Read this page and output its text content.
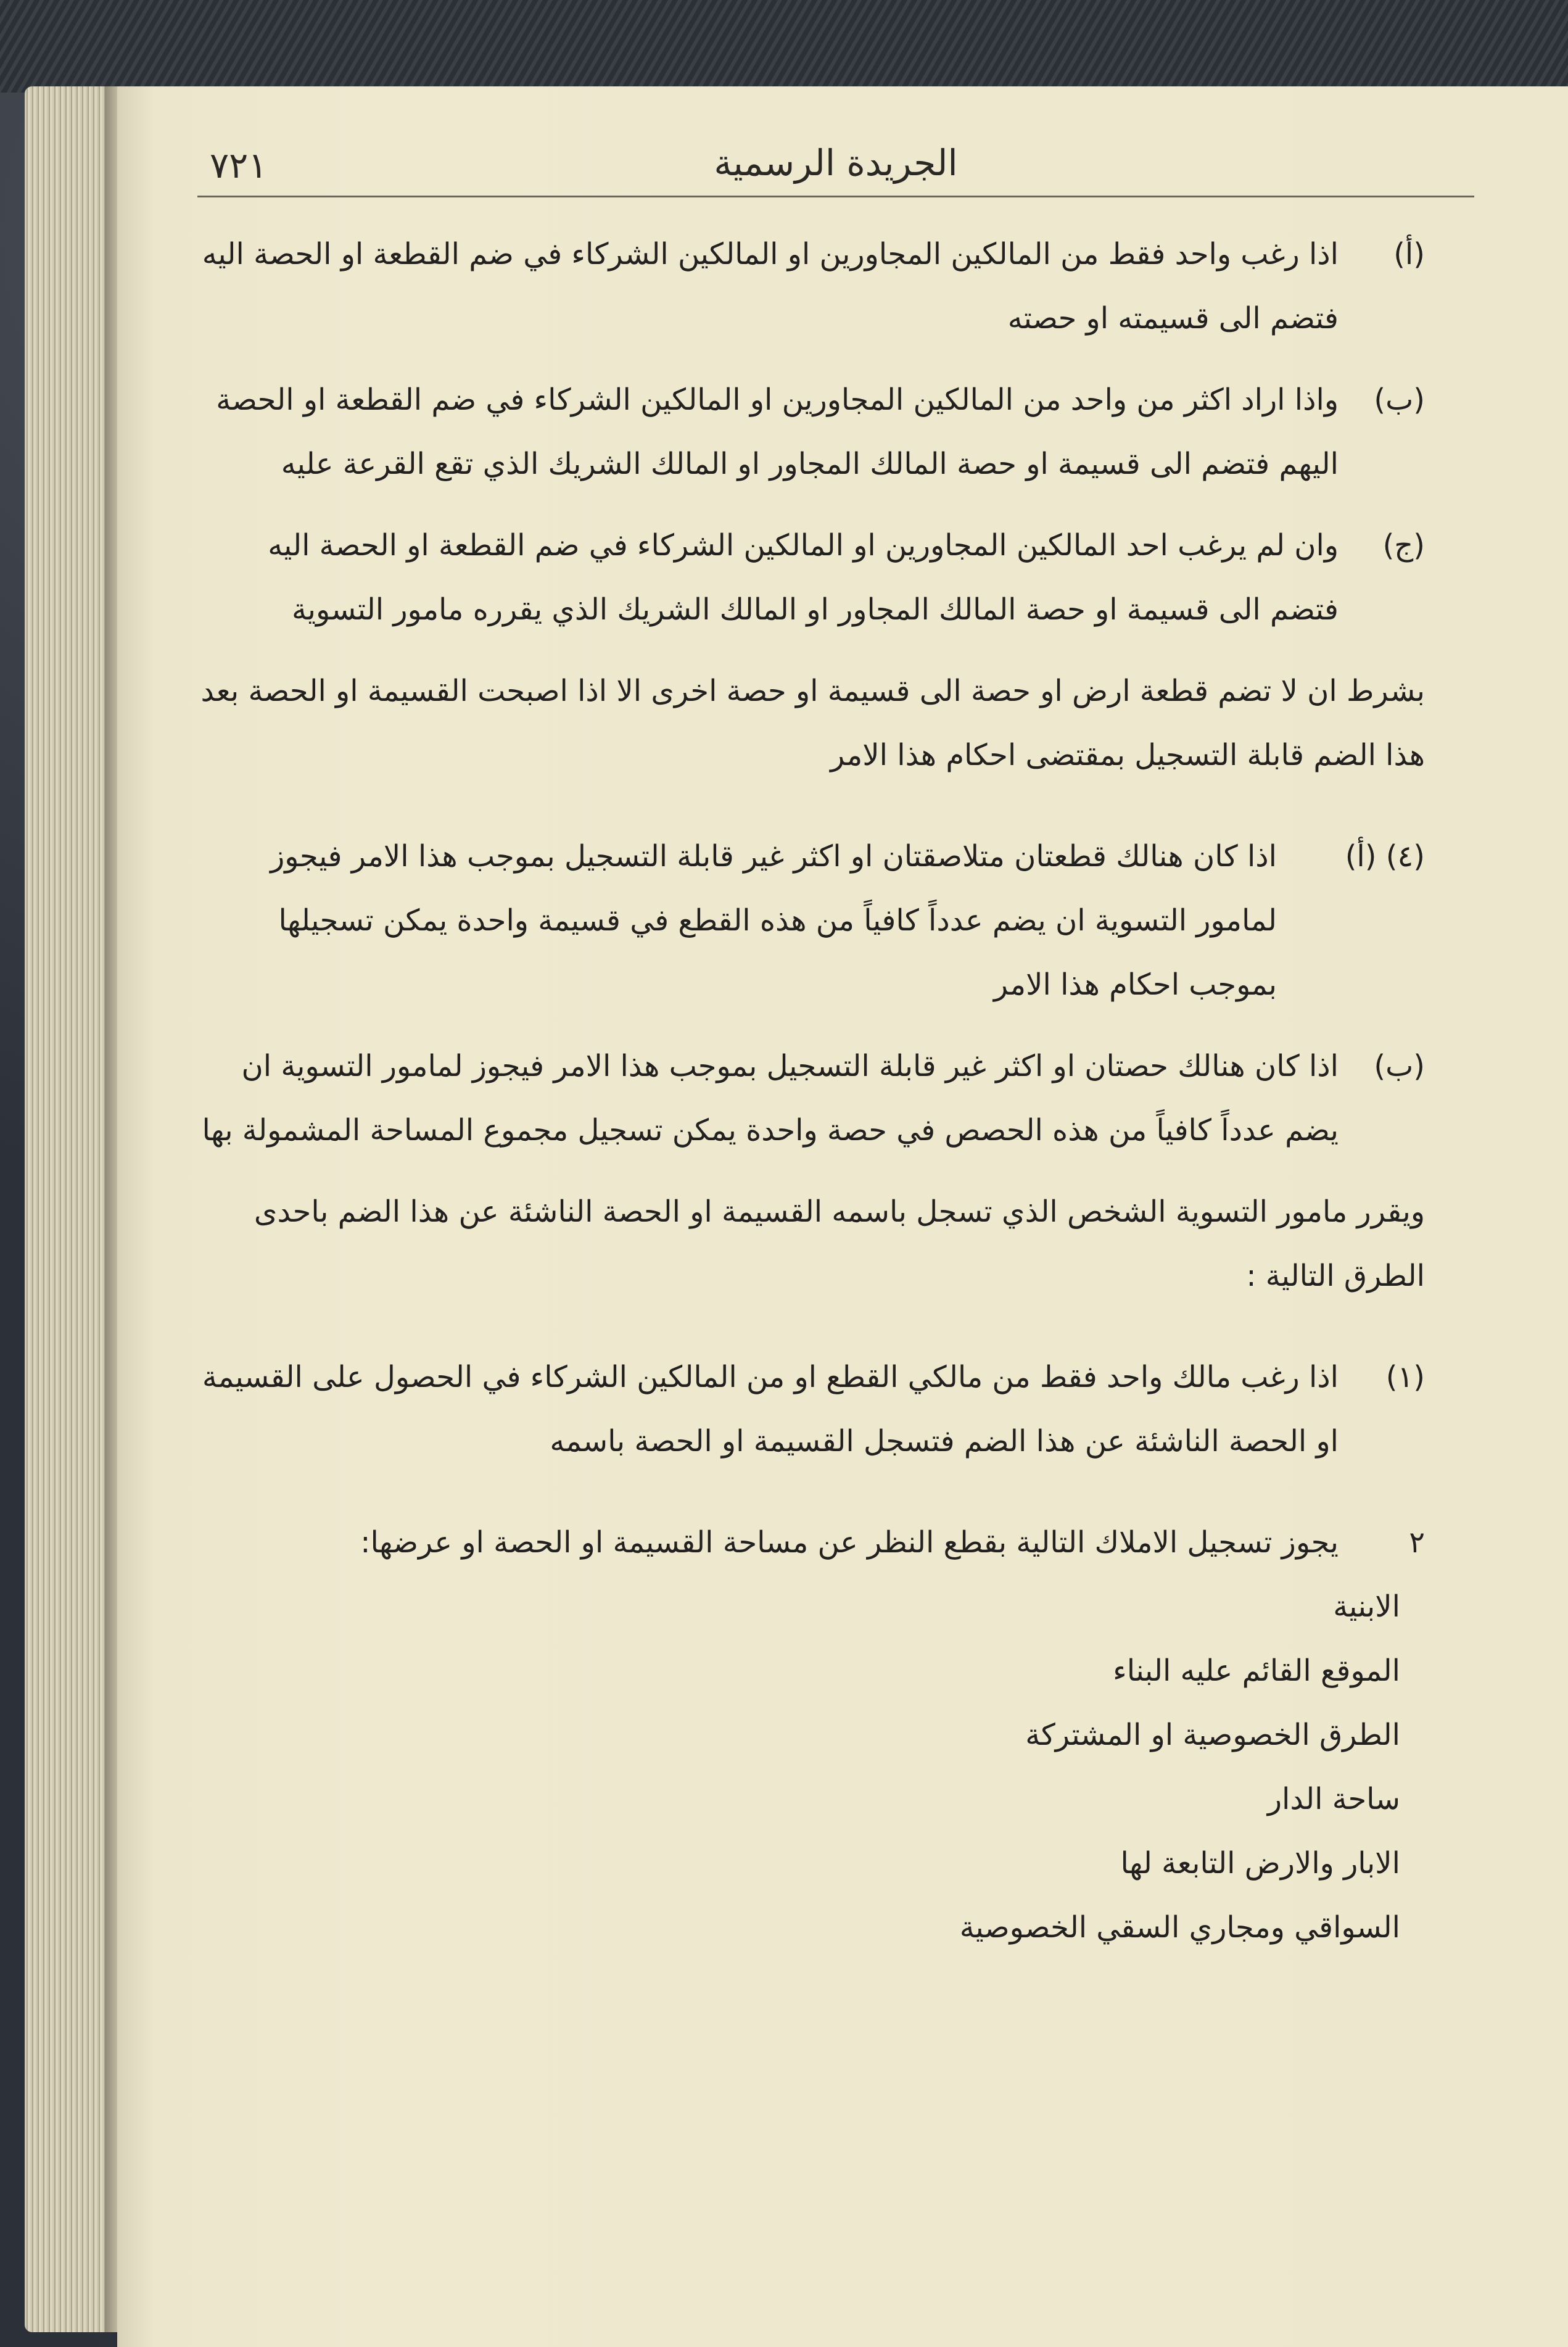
الجريدة الرسمية
٧٢١
(أ)
اذا رغب واحد فقط من المالكين المجاورين او المالكين الشركاء في ضم القطعة او الحصة اليه فتضم الى قسيمته او حصته
(ب)
واذا اراد اكثر من واحد من المالكين المجاورين او المالكين الشركاء في ضم القطعة او الحصة اليهم فتضم الى قسيمة او حصة المالك المجاور او المالك الشريك الذي تقع القرعة عليه
(ج)
وان لم يرغب احد المالكين المجاورين او المالكين الشركاء في ضم القطعة او الحصة اليه فتضم الى قسيمة او حصة المالك المجاور او المالك الشريك الذي يقرره مامور التسوية
بشرط ان لا تضم قطعة ارض او حصة الى قسيمة او حصة اخرى الا اذا اصبحت القسيمة او الحصة بعد هذا الضم قابلة التسجيل بمقتضى احكام هذا الامر
(٤) (أ)
اذا كان هنالك قطعتان متلاصقتان او اكثر غير قابلة التسجيل بموجب هذا الامر فيجوز لمامور التسوية ان يضم عدداً كافياً من هذه القطع في قسيمة واحدة يمكن تسجيلها بموجب احكام هذا الامر
(ب)
اذا كان هنالك حصتان او اكثر غير قابلة التسجيل بموجب هذا الامر فيجوز لمامور التسوية ان يضم عدداً كافياً من هذه الحصص في حصة واحدة يمكن تسجيل مجموع المساحة المشمولة بها
ويقرر مامور التسوية الشخص الذي تسجل باسمه القسيمة او الحصة الناشئة عن هذا الضم باحدى الطرق التالية :
(١)
اذا رغب مالك واحد فقط من مالكي القطع او من المالكين الشركاء في الحصول على القسيمة او الحصة الناشئة عن هذا الضم فتسجل القسيمة او الحصة باسمه
٢
يجوز تسجيل الاملاك التالية بقطع النظر عن مساحة القسيمة او الحصة او عرضها:
الابنية
الموقع القائم عليه البناء
الطرق الخصوصية او المشتركة
ساحة الدار
الابار والارض التابعة لها
السواقي ومجاري السقي الخصوصية
